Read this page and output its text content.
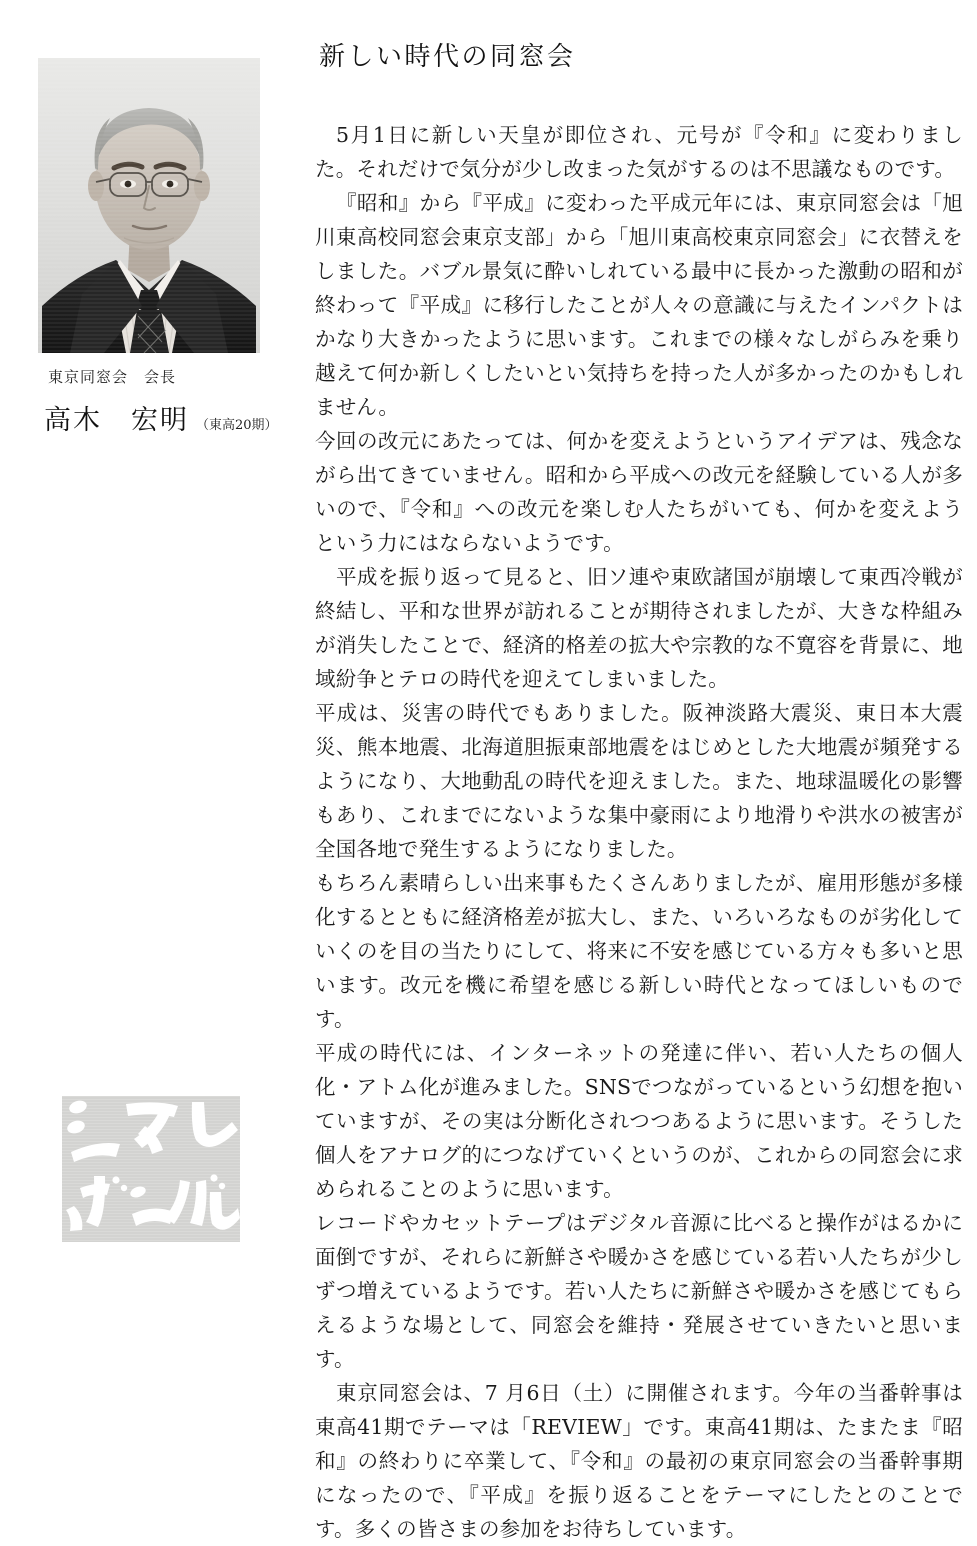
東京同窓会　会長
高木　宏明 （東高20期）
新しい時代の同窓会

5月1日に新しい天皇が即位され、元号が『令和』に変わりました。それだけで気分が少し改まった気がするのは不思議なものです。

『昭和』から『平成』に変わった平成元年には、東京同窓会は「旭川東高校同窓会東京支部」から「旭川東高校東京同窓会」に衣替えをしました。バブル景気に酔いしれている最中に長かった激動の昭和が終わって『平成』に移行したことが人々の意識に与えたインパクトはかなり大きかったように思います。これまでの様々なしがらみを乗り越えて何か新しくしたいとい気持ちを持った人が多かったのかもしれません。

今回の改元にあたっては、何かを変えようというアイデアは、残念ながら出てきていません。昭和から平成への改元を経験している人が多いので、『令和』への改元を楽しむ人たちがいても、何かを変えようという力にはならないようです。

平成を振り返って見ると、旧ソ連や東欧諸国が崩壊して東西冷戦が終結し、平和な世界が訪れることが期待されましたが、大きな枠組みが消失したことで、経済的格差の拡大や宗教的な不寛容を背景に、地域紛争とテロの時代を迎えてしまいました。

平成は、災害の時代でもありました。阪神淡路大震災、東日本大震災、熊本地震、北海道胆振東部地震をはじめとした大地震が頻発するようになり、大地動乱の時代を迎えました。また、地球温暖化の影響もあり、これまでにないような集中豪雨により地滑りや洪水の被害が全国各地で発生するようになりました。

もちろん素晴らしい出来事もたくさんありましたが、雇用形態が多様化するとともに経済格差が拡大し、また、いろいろなものが劣化していくのを目の当たりにして、将来に不安を感じている方々も多いと思います。改元を機に希望を感じる新しい時代となってほしいものです。

平成の時代には、インターネットの発達に伴い、若い人たちの個人化・アトム化が進みました。SNSでつながっているという幻想を抱いていますが、その実は分断化されつつあるように思います。そうした個人をアナログ的につなげていくというのが、これからの同窓会に求められることのように思います。

レコードやカセットテープはデジタル音源に比べると操作がはるかに面倒ですが、それらに新鮮さや暖かさを感じている若い人たちが少しずつ増えているようです。若い人たちに新鮮さや暖かさを感じてもらえるような場として、同窓会を維持・発展させていきたいと思います。

東京同窓会は、7 月6日（土）に開催されます。今年の当番幹事は東高41期でテーマは「REVIEW」です。東高41期は、たまたま『昭和』の終わりに卒業して、『令和』の最初の東京同窓会の当番幹事期になったので、『平成』を振り返ることをテーマにしたとのことです。多くの皆さまの参加をお待ちしています。
